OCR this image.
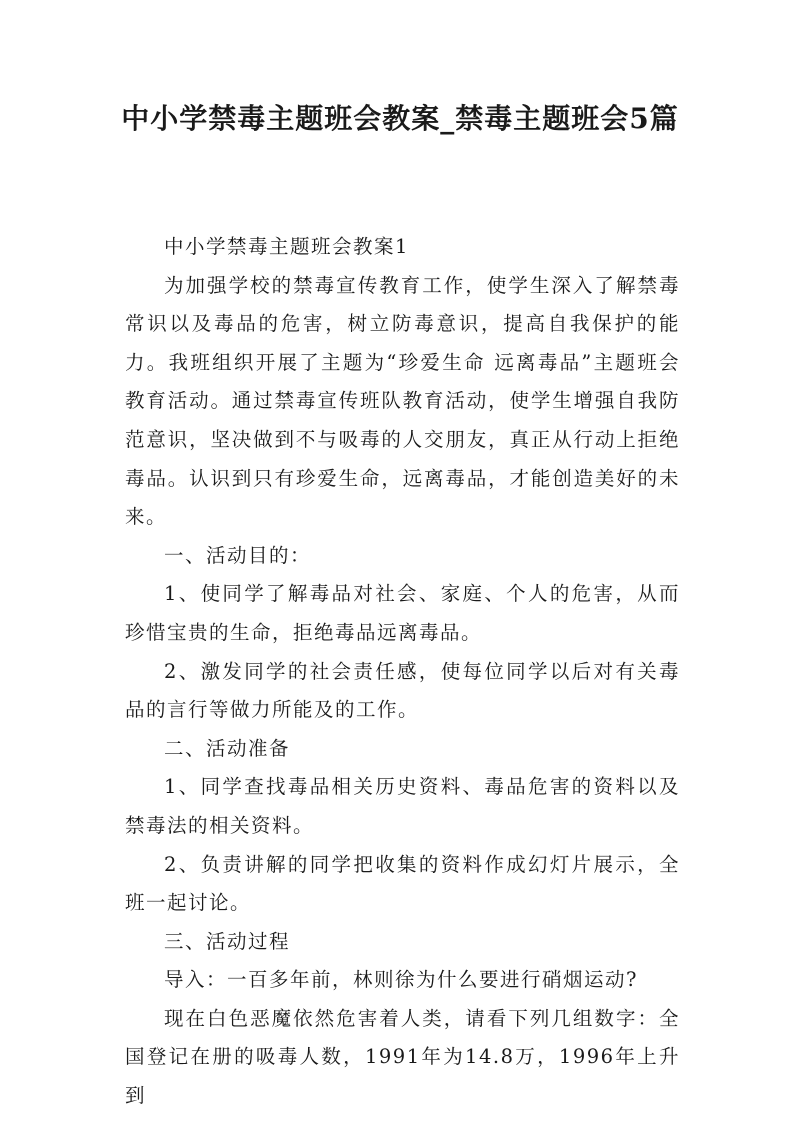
中小学禁毒主题班会教案_禁毒主题班会5篇

中小学禁毒主题班会教案1

为加强学校的禁毒宣传教育工作，使学生深入了解禁毒常识以及毒品的危害，树立防毒意识，提高自我保护的能力。我班组织开展了主题为“珍爱生命 远离毒品”主题班会教育活动。通过禁毒宣传班队教育活动，使学生增强自我防范意识，坚决做到不与吸毒的人交朋友，真正从行动上拒绝毒品。认识到只有珍爱生命，远离毒品，才能创造美好的未来。

一、活动目的：

1、使同学了解毒品对社会、家庭、个人的危害，从而珍惜宝贵的生命，拒绝毒品远离毒品。

2、激发同学的社会责任感，使每位同学以后对有关毒品的言行等做力所能及的工作。

二、活动准备

1、同学查找毒品相关历史资料、毒品危害的资料以及禁毒法的相关资料。

2、负责讲解的同学把收集的资料作成幻灯片展示，全班一起讨论。

三、活动过程

导入：一百多年前，林则徐为什么要进行硝烟运动?

现在白色恶魔依然危害着人类，请看下列几组数字：全国登记在册的吸毒人数，1991年为14.8万，1996年上升到
